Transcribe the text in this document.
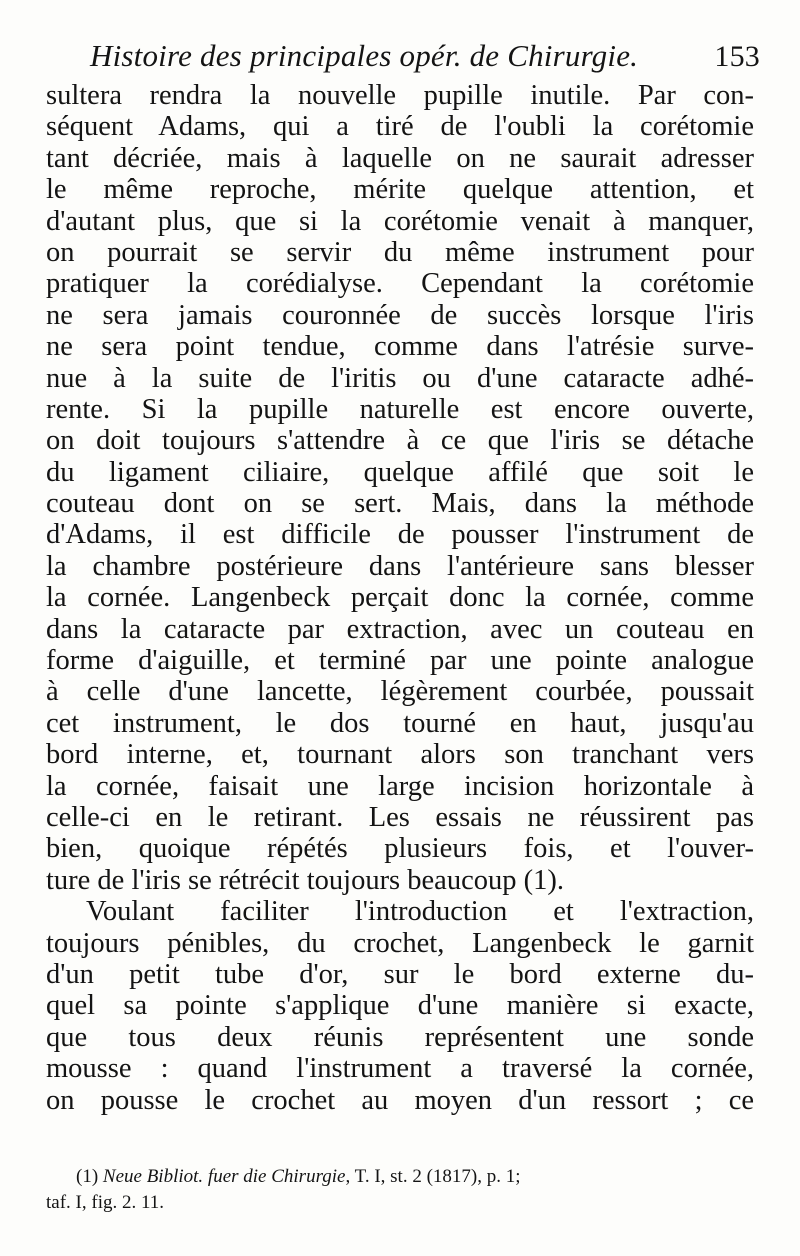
Histoire des principales opér. de Chirurgie.	153
sultera rendra la nouvelle pupille inutile. Par con-
séquent Adams, qui a tiré de l'oubli la corétomie
tant décriée, mais à laquelle on ne saurait adresser
le même reproche, mérite quelque attention, et
d'autant plus, que si la corétomie venait à manquer,
on pourrait se servir du même instrument pour
pratiquer la corédialyse. Cependant la corétomie
ne sera jamais couronnée de succès lorsque l'iris
ne sera point tendue, comme dans l'atrésie surve-
nue à la suite de l'iritis ou d'une cataracte adhé-
rente. Si la pupille naturelle est encore ouverte,
on doit toujours s'attendre à ce que l'iris se détache
du ligament ciliaire, quelque affilé que soit le
couteau dont on se sert. Mais, dans la méthode
d'Adams, il est difficile de pousser l'instrument de
la chambre postérieure dans l'antérieure sans blesser
la cornée. Langenbeck perçait donc la cornée, comme
dans la cataracte par extraction, avec un couteau en
forme d'aiguille, et terminé par une pointe analogue
à celle d'une lancette, légèrement courbée, poussait
cet instrument, le dos tourné en haut, jusqu'au
bord interne, et, tournant alors son tranchant vers
la cornée, faisait une large incision horizontale à
celle-ci en le retirant. Les essais ne réussirent pas
bien, quoique répétés plusieurs fois, et l'ouver-
ture de l'iris se rétrécit toujours beaucoup (1).
Voulant faciliter l'introduction et l'extraction,
toujours pénibles, du crochet, Langenbeck le garnit
d'un petit tube d'or, sur le bord externe du-
quel sa pointe s'applique d'une manière si exacte,
que tous deux réunis représentent une sonde
mousse : quand l'instrument a traversé la cornée,
on pousse le crochet au moyen d'un ressort ; ce
(1) Neue Bibliot. fuer die Chirurgie, T. I, st. 2 (1817), p. 1;
taf. I, fig. 2. 11.
